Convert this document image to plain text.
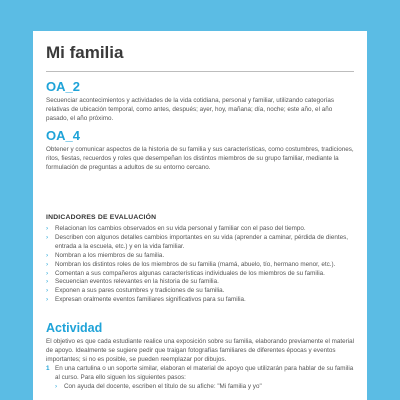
Mi familia
OA_2

Secuenciar acontecimientos y actividades de la vida cotidiana, personal y familiar, utilizando categorías relativas de ubicación temporal, como antes, después; ayer, hoy, mañana; día, noche; este año, el año pasado, el año próximo.

OA_4

Obtener y comunicar aspectos de la historia de su familia y sus características, como costumbres, tradiciones, ritos, fiestas, recuerdos y roles que desempeñan los distintos miembros de su grupo familiar, mediante la formulación de preguntas a adultos de su entorno cercano.

INDICADORES DE EVALUACIÓN
› Relacionan los cambios observados en su vida personal y familiar con el paso del tiempo.
› Describen con algunos detalles cambios importantes en su vida (aprender a caminar, pérdida de dientes, entrada a la escuela, etc.) y en la vida familiar.
› Nombran a los miembros de su familia.
› Nombran los distintos roles de los miembros de su familia (mamá, abuelo, tío, hermano menor, etc.).
› Comentan a sus compañeros algunas características individuales de los miembros de su familia.
› Secuencian eventos relevantes en la historia de su familia.
› Exponen a sus pares costumbres y tradiciones de su familia.
› Expresan oralmente eventos familiares significativos para su familia.
Actividad

El objetivo es que cada estudiante realice una exposición sobre su familia, elaborando previamente el material de apoyo. Idealmente se sugiere pedir que traigan fotografías familiares de diferentes épocas y eventos importantes; si no es posible, se pueden reemplazar por dibujos.

1 En una cartulina o un soporte similar, elaboran el material de apoyo que utilizarán para hablar de su familia al curso. Para ello siguen los siguientes pasos:
› Con ayuda del docente, escriben el título de su afiche: "Mi familia y yo"
